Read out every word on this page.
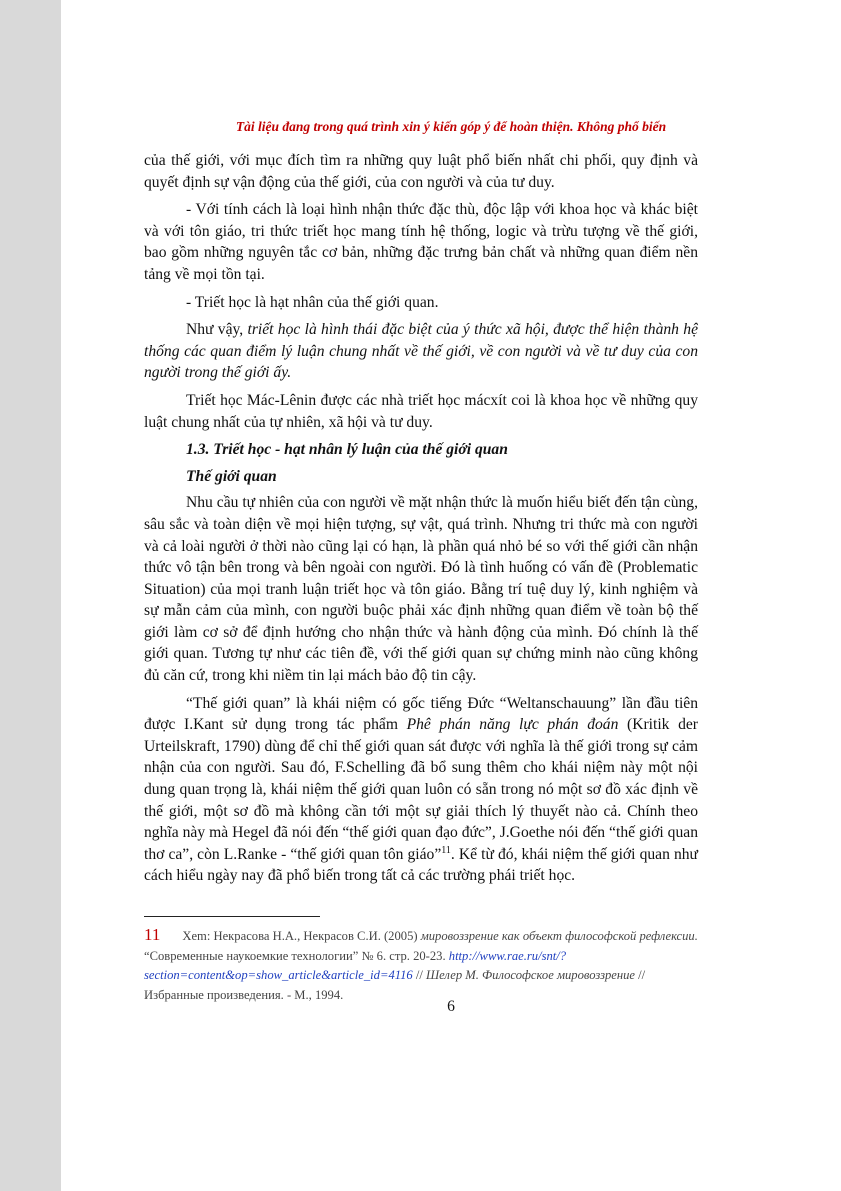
Tài liệu đang trong quá trình xin ý kiến góp ý để hoàn thiện. Không phổ biến

của thế giới, với mục đích tìm ra những quy luật phổ biến nhất chi phối, quy định và quyết định sự vận động của thế giới, của con người và của tư duy.

- Với tính cách là loại hình nhận thức đặc thù, độc lập với khoa học và khác biệt và với tôn giáo, tri thức triết học mang tính hệ thống, logic và trừu tượng về thế giới, bao gồm những nguyên tắc cơ bản, những đặc trưng bản chất và những quan điểm nền tảng về mọi tồn tại.

- Triết học là hạt nhân của thế giới quan.

Như vậy, triết học là hình thái đặc biệt của ý thức xã hội, được thể hiện thành hệ thống các quan điểm lý luận chung nhất về thế giới, về con người và về tư duy của con người trong thế giới ấy.

Triết học Mác-Lênin được các nhà triết học mácxít coi là khoa học về những quy luật chung nhất của tự nhiên, xã hội và tư duy.

1.3. Triết học - hạt nhân lý luận của thế giới quan

Thế giới quan

Nhu cầu tự nhiên của con người về mặt nhận thức là muốn hiểu biết đến tận cùng, sâu sắc và toàn diện về mọi hiện tượng, sự vật, quá trình. Nhưng tri thức mà con người và cả loài người ở thời nào cũng lại có hạn, là phần quá nhỏ bé so với thế giới cần nhận thức vô tận bên trong và bên ngoài con người. Đó là tình huống có vấn đề (Problematic Situation) của mọi tranh luận triết học và tôn giáo. Bằng trí tuệ duy lý, kinh nghiệm và sự mẫn cảm của mình, con người buộc phải xác định những quan điểm về toàn bộ thế giới làm cơ sở để định hướng cho nhận thức và hành động của mình. Đó chính là thế giới quan. Tương tự như các tiên đề, với thế giới quan sự chứng minh nào cũng không đủ căn cứ, trong khi niềm tin lại mách bảo độ tin cậy.

“Thế giới quan” là khái niệm có gốc tiếng Đức “Weltanschauung” lần đầu tiên được I.Kant sử dụng trong tác phẩm Phê phán năng lực phán đoán (Kritik der Urteilskraft, 1790) dùng để chỉ thế giới quan sát được với nghĩa là thế giới trong sự cảm nhận của con người. Sau đó, F.Schelling đã bổ sung thêm cho khái niệm này một nội dung quan trọng là, khái niệm thế giới quan luôn có sẵn trong nó một sơ đồ xác định về thế giới, một sơ đồ mà không cần tới một sự giải thích lý thuyết nào cả. Chính theo nghĩa này mà Hegel đã nói đến “thế giới quan đạo đức”, J.Goethe nói đến “thế giới quan thơ ca”, còn L.Ranke - “thế giới quan tôn giáo”$^{11}$. Kể từ đó, khái niệm thế giới quan như cách hiểu ngày nay đã phổ biến trong tất cả các trường phái triết học.

11 Xem: Некрасова Н.А., Некрасов С.И. (2005) мировоззрение как объект философской рефлексии. “Современные наукоемкие технологии” № 6. стр. 20-23. http://www.rae.ru/snt/?section=content&op=show_article&article_id=4116 // Шелер М. Философское мировоззрение // Избранные произведения. - М., 1994.
6
